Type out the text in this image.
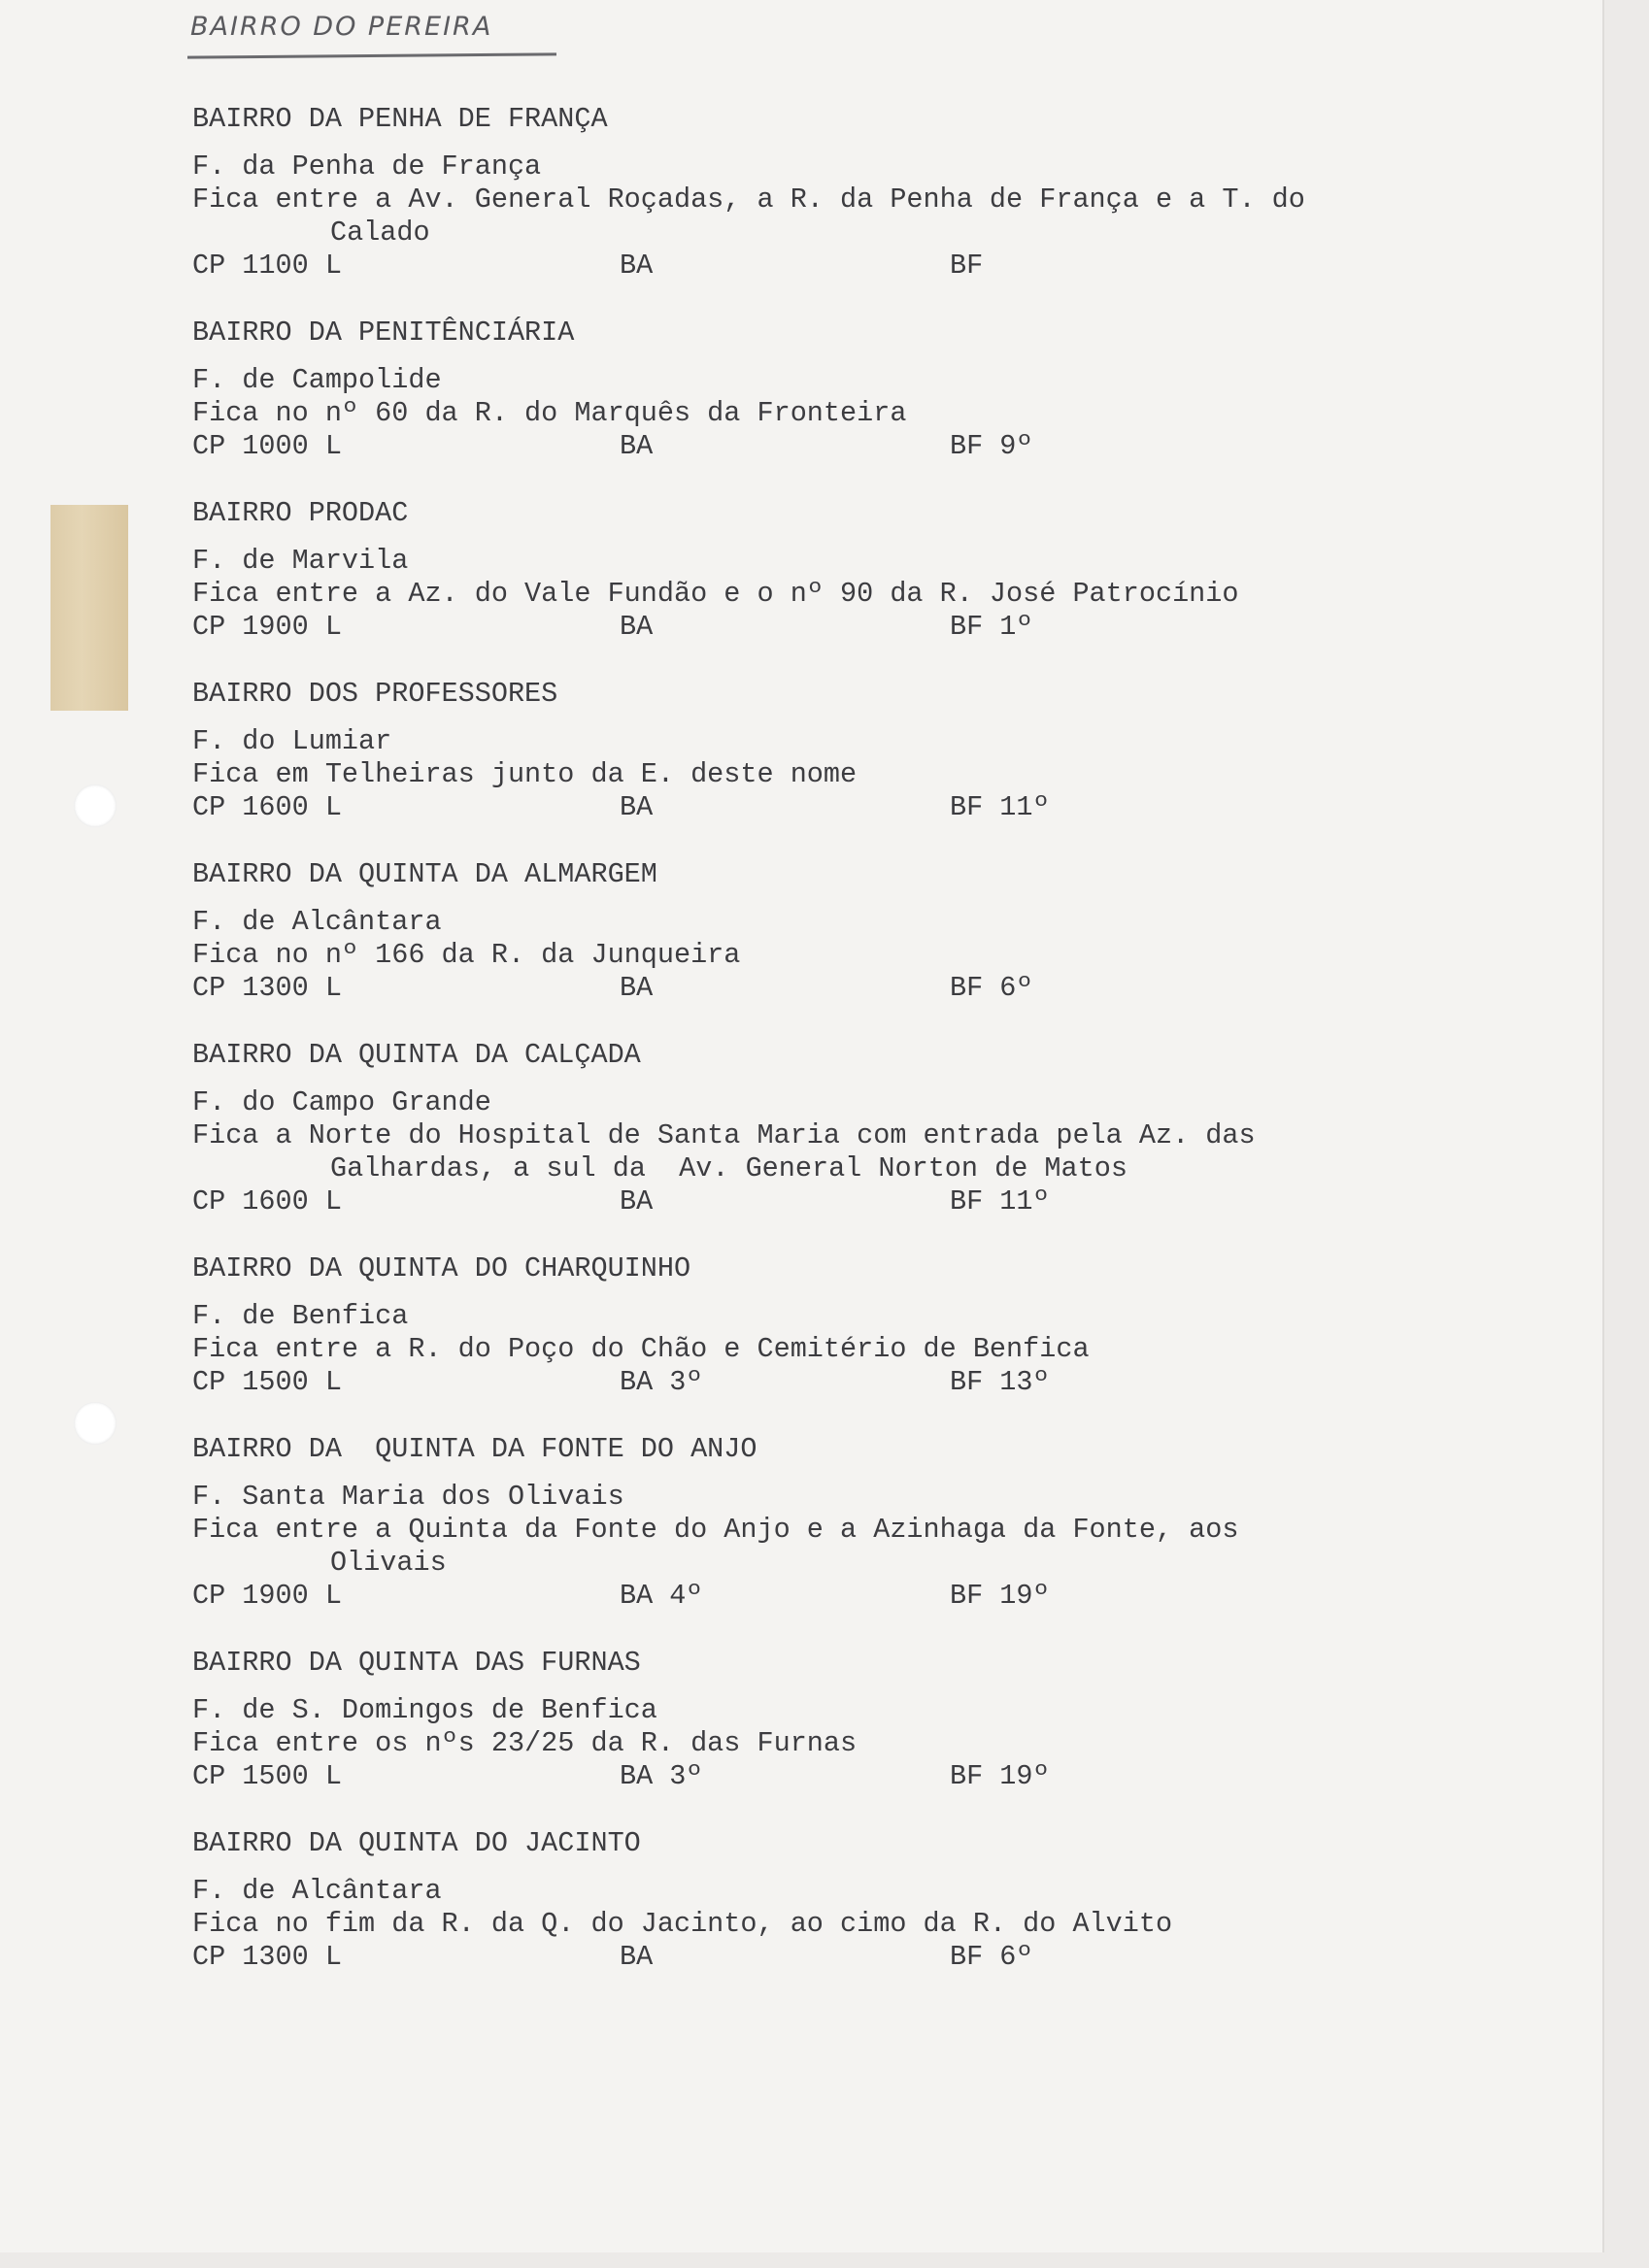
BAIRRO DO PEREIRA
BAIRRO DA PENHA DE FRANÇA
F. da Penha de França
Fica entre a Av. General Roçadas, a R. da Penha de França e a T. do
Calado
CP 1100 L	BA	BF
BAIRRO DA PENITÊNCIÁRIA
F. de Campolide
Fica no nº 60 da R. do Marquês da Fronteira
CP 1000 L	BA	BF 9º
BAIRRO PRODAC
F. de Marvila
Fica entre a Az. do Vale Fundão e o nº 90 da R. José Patrocínio
CP 1900 L	BA	BF 1º
BAIRRO DOS PROFESSORES
F. do Lumiar
Fica em Telheiras junto da E. deste nome
CP 1600 L	BA	BF 11º
BAIRRO DA QUINTA DA ALMARGEM
F. de Alcântara
Fica no nº 166 da R. da Junqueira
CP 1300 L	BA	BF 6º
BAIRRO DA QUINTA DA CALÇADA
F. do Campo Grande
Fica a Norte do Hospital de Santa Maria com entrada pela Az. das
Galhardas, a sul da  Av. General Norton de Matos
CP 1600 L	BA	BF 11º
BAIRRO DA QUINTA DO CHARQUINHO
F. de Benfica
Fica entre a R. do Poço do Chão e Cemitério de Benfica
CP 1500 L	BA 3º	BF 13º
BAIRRO DA  QUINTA DA FONTE DO ANJO
F. Santa Maria dos Olivais
Fica entre a Quinta da Fonte do Anjo e a Azinhaga da Fonte, aos
Olivais
CP 1900 L	BA 4º	BF 19º
BAIRRO DA QUINTA DAS FURNAS
F. de S. Domingos de Benfica
Fica entre os nºs 23/25 da R. das Furnas
CP 1500 L	BA 3º	BF 19º
BAIRRO DA QUINTA DO JACINTO
F. de Alcântara
Fica no fim da R. da Q. do Jacinto, ao cimo da R. do Alvito
CP 1300 L	BA	BF 6º
